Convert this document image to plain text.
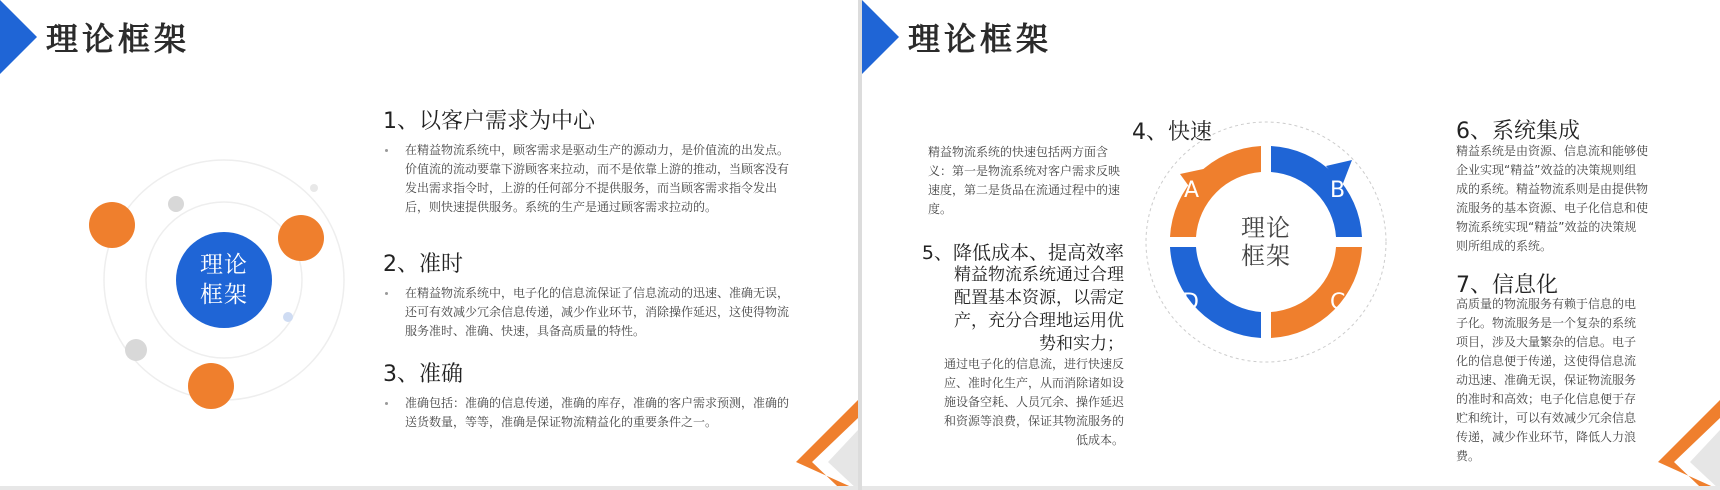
理论框架
理论
框架
1、以客户需求为中心
在精益物流系统中，顾客需求是驱动生产的源动力，是价值流的出发点。价值流的流动要靠下游顾客来拉动，而不是依靠上游的推动，当顾客没有发出需求指令时，上游的任何部分不提供服务，而当顾客需求指令发出后，则快速提供服务。系统的生产是通过顾客需求拉动的。
2、准时
在精益物流系统中，电子化的信息流保证了信息流动的迅速、准确无误，还可有效减少冗余信息传递，减少作业环节，消除操作延迟，这使得物流服务准时、准确、快速，具备高质量的特性。
3、准确
准确包括：准确的信息传递，准确的库存，准确的客户需求预测，准确的送货数量，等等，准确是保证物流精益化的重要条件之一。
理论框架
4、快速
精益物流系统的快速包括两方面含义：第一是物流系统对客户需求反映速度，第二是货品在流通过程中的速度。
5、降低成本、提高效率
精益物流系统通过合理配置基本资源，以需定产，充分合理地运用优势和实力；
通过电子化的信息流，进行快速反应、准时化生产，从而消除诸如设施设备空耗、人员冗余、操作延迟和资源等浪费，保证其物流服务的低成本。
A	B
C
D
理论
框架
6、系统集成
精益系统是由资源、信息流和能够使企业实现“精益”效益的决策规则组成的系统。精益物流系则是由提供物流服务的基本资源、电子化信息和使物流系统实现“精益”效益的决策规则所组成的系统。
7、信息化
高质量的物流服务有赖于信息的电子化。物流服务是一个复杂的系统项目，涉及大量繁杂的信息。电子化的信息便于传递，这使得信息流动迅速、准确无误，保证物流服务的准时和高效；电子化信息便于存贮和统计，可以有效减少冗余信息传递，减少作业环节，降低人力浪费。
